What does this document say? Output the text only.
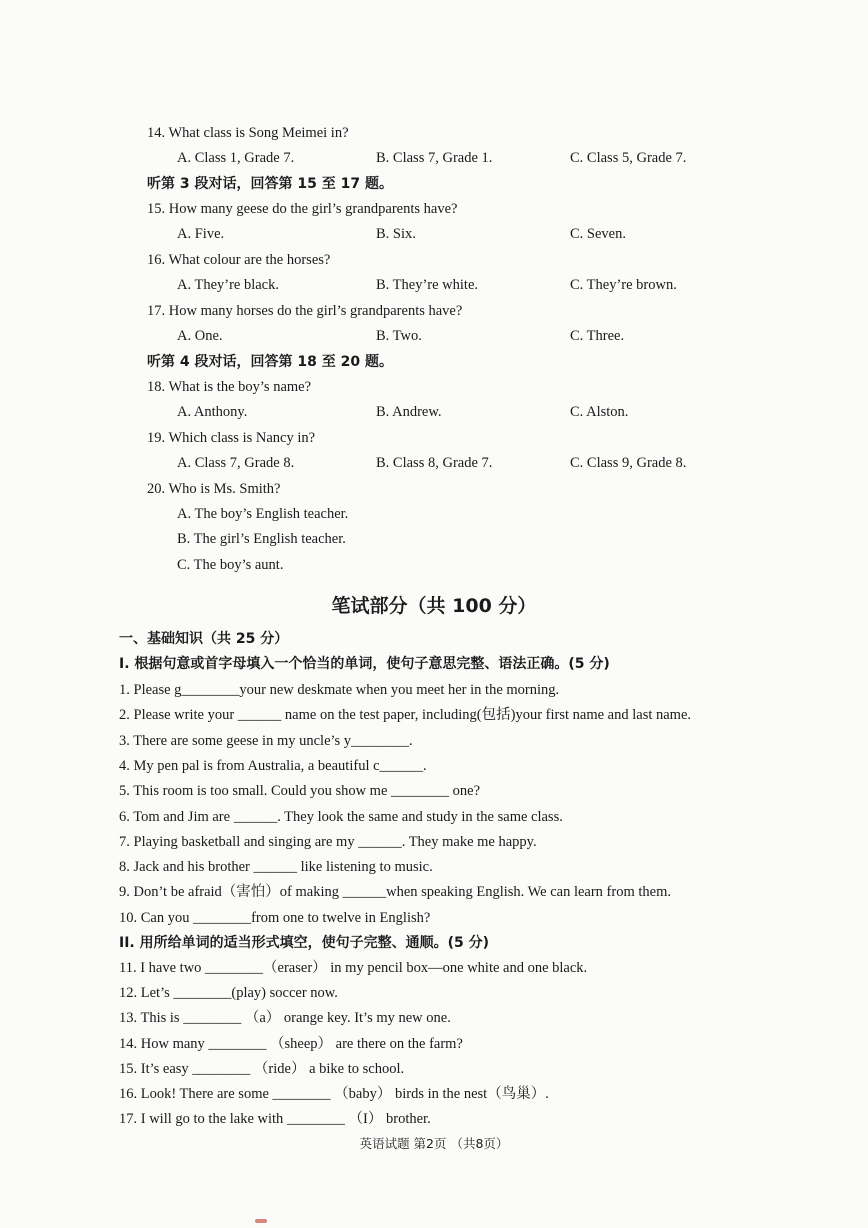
14. What class is Song Meimei in?
A. Class 1, Grade 7.	B. Class 7, Grade 1.	C. Class 5, Grade 7.
听第 3 段对话，回答第 15 至 17 题。
15. How many geese do the girl’s grandparents have?
A. Five.	B. Six.	C. Seven.
16. What colour are the horses?
A. They’re black.	B. They’re white.	C. They’re brown.
17. How many horses do the girl’s grandparents have?
A. One.	B. Two.	C. Three.
听第 4 段对话，回答第 18 至 20 题。
18. What is the boy’s name?
A. Anthony.	B. Andrew.	C. Alston.
19. Which class is Nancy in?
A. Class 7, Grade 8.	B. Class 8, Grade 7.	C. Class 9, Grade 8.
20. Who is Ms. Smith?
A. The boy’s English teacher.
B. The girl’s English teacher.
C. The boy’s aunt.
笔试部分（共 100 分）
一、基础知识（共 25 分）
I. 根据句意或首字母填入一个恰当的单词，使句子意思完整、语法正确。(5 分)
1. Please g________your new deskmate when you meet her in the morning.
2. Please write your ______ name on the test paper, including(包括)your first name and last name.
3. There are some geese in my uncle’s y________.
4. My pen pal is from Australia, a beautiful c______.
5. This room is too small. Could you show me ________ one?
6. Tom and Jim are ______. They look the same and study in the same class.
7. Playing basketball and singing are my ______. They make me happy.
8. Jack and his brother ______ like listening to music.
9. Don’t be afraid（害怕）of making ______when speaking English. We can learn from them.
10. Can you ________from one to twelve in English?
II. 用所给单词的适当形式填空，使句子完整、通顺。(5 分)
11. I have two ________（eraser） in my pencil box—one white and one black.
12. Let’s ________(play) soccer now.
13. This is ________ （a） orange key. It’s my new one.
14. How many ________ （sheep） are there on the farm?
15. It’s easy ________ （ride） a bike to school.
16. Look! There are some ________ （baby） birds in the nest（鸟巢）.
17. I will go to the lake with ________ （I） brother.
英语试题 第2页 （共8页）
